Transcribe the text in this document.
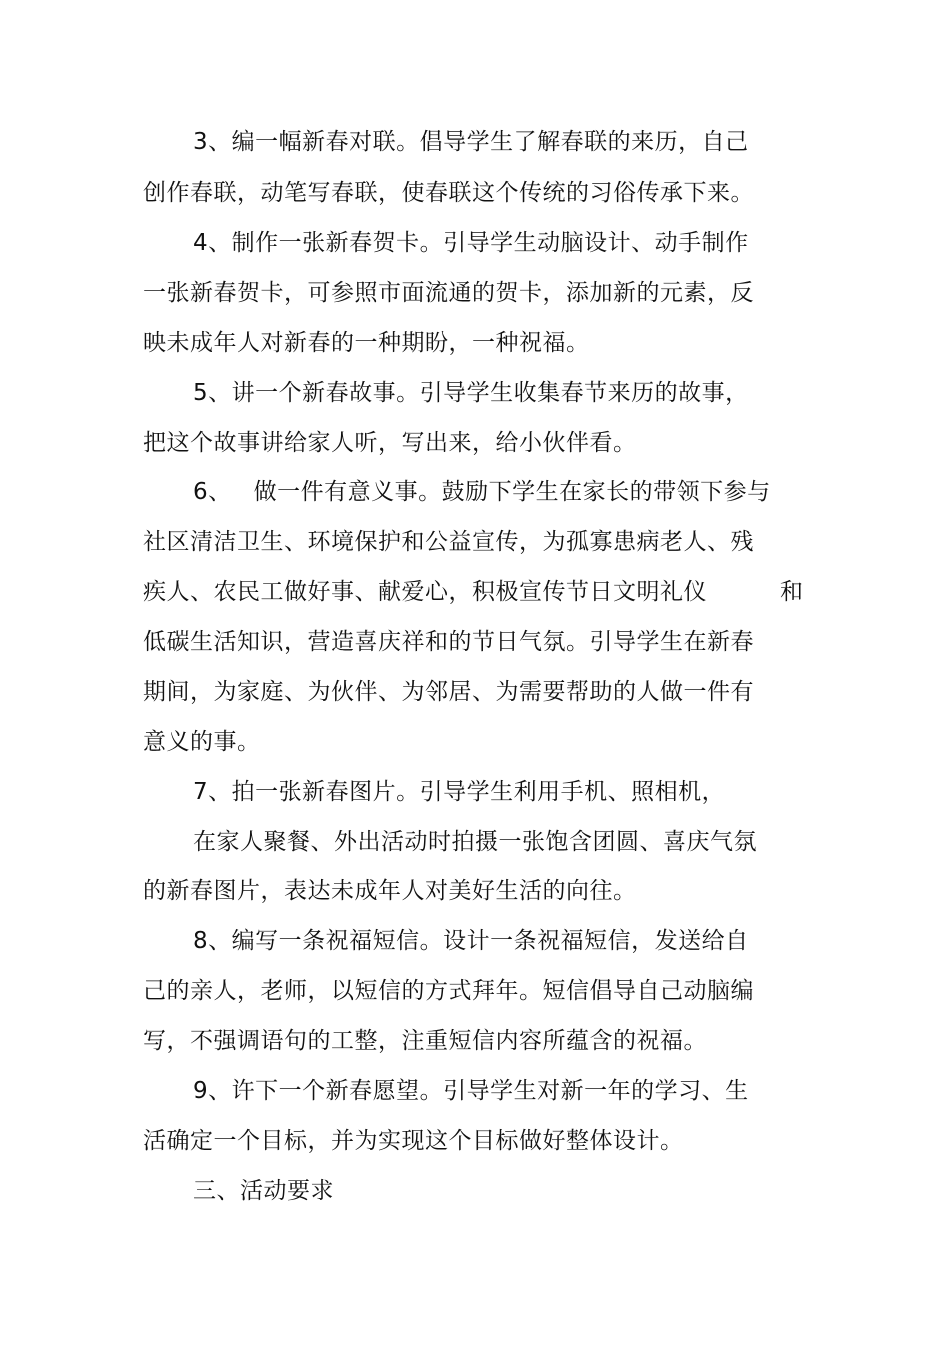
3、编一幅新春对联。倡导学生了解春联的来历，自己
创作春联，动笔写春联，使春联这个传统的习俗传承下来。
4、制作一张新春贺卡。引导学生动脑设计、动手制作
一张新春贺卡，可参照市面流通的贺卡，添加新的元素，反
映未成年人对新春的一种期盼，一种祝福。
5、讲一个新春故事。引导学生收集春节来历的故事，
把这个故事讲给家人听，写出来，给小伙伴看。
6、 做一件有意义事。鼓励下学生在家长的带领下参与
社区清洁卫生、环境保护和公益宣传，为孤寡患病老人、残
疾人、农民工做好事、献爱心，积极宣传节日文明礼仪	和
低碳生活知识，营造喜庆祥和的节日气氛。引导学生在新春
期间，为家庭、为伙伴、为邻居、为需要帮助的人做一件有
意义的事。
7、拍一张新春图片。引导学生利用手机、照相机，
在家人聚餐、外出活动时拍摄一张饱含团圆、喜庆气氛
的新春图片，表达未成年人对美好生活的向往。
8、编写一条祝福短信。设计一条祝福短信，发送给自
己的亲人，老师，以短信的方式拜年。短信倡导自己动脑编
写，不强调语句的工整，注重短信内容所蕴含的祝福。
9、许下一个新春愿望。引导学生对新一年的学习、生
活确定一个目标，并为实现这个目标做好整体设计。
三、活动要求
